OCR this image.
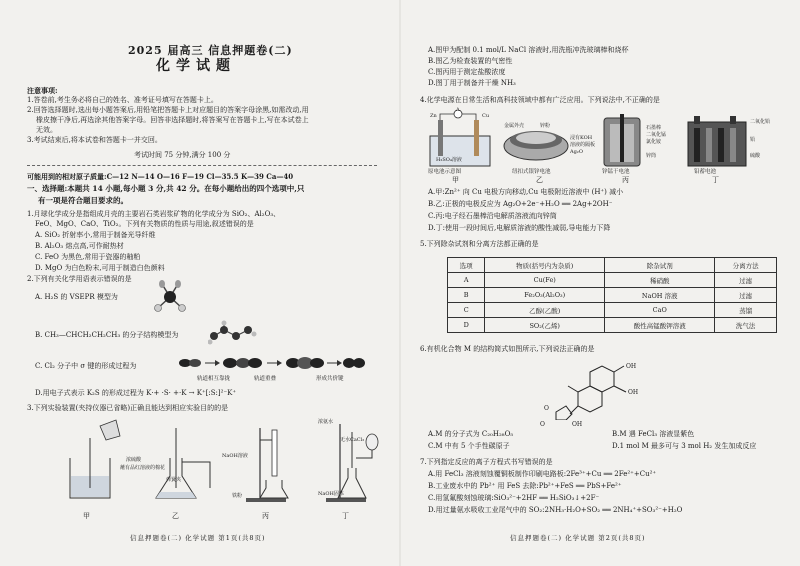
2025 届高三 信息押题卷(二)
化学试题
注意事项:
1.答卷前,考生务必将自己的姓名、准考证号填写在答题卡上。
2.回答选择题时,选出每小题答案后,用铅笔把答题卡上对应题目的答案字母涂黑,如需改动,用
橡皮擦干净后,再选涂其他答案字母。回答非选择题时,将答案写在答题卡上,写在本试卷上
无效。
3.考试结束后,将本试卷和答题卡一并交回。
考试时间 75 分钟,满分 100 分
可能用到的相对原子质量:C—12 N—14 O—16 F—19 Cl—35.5 K—39 Ca—40
一、选择题:本题共 14 小题,每小题 3 分,共 42 分。在每小题给出的四个选项中,只
有一项是符合题目要求的。
1.月球化学成分是指组成月壳的主要岩石类岩浆矿物的化学成分为 SiO₂、Al₂O₃、
FeO、MgO、CaO、TiO₂。下列有关物质的性质与用途,叙述错误的是
A. SiO₂ 折射率小,常用于制备光导纤维
B. Al₂O₃ 熔点高,可作耐热材
C. FeO 为黑色,常用于瓷器的釉粕
D. MgO 为白色粉末,可用于制造白色颜料
2.下列有关化学用语表示错误的是
A. H₂S 的 VSEPR 模型为
B. CH₃—CHCH₂CH₂CH₃ 的分子结构模型为
C. Cl₂ 分子中 σ 键的形成过程为
轨道相互靠拢	轨道重叠	形成共价键
D.用电子式表示 K₂S 的形成过程为 K·+ ·S· +·K → K⁺[:S:]²⁻K⁺
3.下列实验装置(夹持仪器已省略)正确且能达到相应实验目的的是
浓硫酸
蘸有品红溶液的棉花
弹簧夹
NaOH溶液
铁粉
浓氨水
无水CaCl₂
NaOH固体
甲	乙	丙	丁
信息押题卷(二) 化学试题 第1页(共8页)
A.图甲为配制 0.1 mol/L NaCl 溶液时,用洗瓶冲洗玻璃棒和烧杯
B.图乙为检查装置的气密性
C.图丙用于测定盐酸浓度
D.图丁用于制备并干燥 NH₃
4.化学电源在日常生活和高科技领域中都有广泛应用。下列说法中,不正确的是
Zn	Cu
H₂SO₄溶液
A
金属外壳	锌粉
浸有KOH
溶液的隔板
Ag₂O
石墨棒
二氧化锰
氯化铵
锌筒
二氧化铅
铅
硫酸
原电池示意图	纽扣式银锌电池	锌锰干电池	铅蓄电池
甲	乙	丙	丁
A.甲:Zn²⁺ 向 Cu 电极方向移动,Cu 电极附近溶液中 (H⁺) 减小
B.乙:正极的电极反应为 Ag₂O+2e⁻+H₂O ══ 2Ag+2OH⁻
C.丙:电子经石墨棒沿电解质溶液流向锌筒
D.丁:使用一段时间后,电解质溶液的酸性减弱,导电能力下降
5.下列除杂试剂和分离方法都正确的是
选项	物质(括号内为杂质)	除杂试剂	分离方法
A	Cu(Fe)	稀硝酸	过滤
B	Fe₂O₃(Al₂O₃)	NaOH 溶液	过滤
C	乙醇(乙酸)	CaO	蒸馏
D	SO₂(乙烯)	酸性高锰酸钾溶液	洗气法
6.有机化合物 M 的结构简式如图所示,下列说法正确的是
OH
OH
O
O	OH
A.M 的分子式为 C₂₀H₂₈O₅	B.M 遇 FeCl₃ 溶液显紫色
C.M 中有 5 个手性碳原子	D.1 mol M 最多可与 3 mol H₂ 发生加成反应
7.下列指定反应的离子方程式书写错误的是
A.用 FeCl₃ 溶液刻蚀覆铜板制作印刷电路板:2Fe³⁺+Cu ══ 2Fe²⁺+Cu²⁺
B.工业废水中的 Pb²⁺ 用 FeS 去除:Pb²⁺+FeS ══ PbS+Fe²⁺
C.用氢氟酸刻蚀玻璃:SiO₃²⁻+2HF ══ H₂SiO₃↓+2F⁻
D.用过量氨水吸收工业尾气中的 SO₂:2NH₃·H₂O+SO₂ ══ 2NH₄⁺+SO₃²⁻+H₂O
信息押题卷(二) 化学试题 第2页(共8页)
